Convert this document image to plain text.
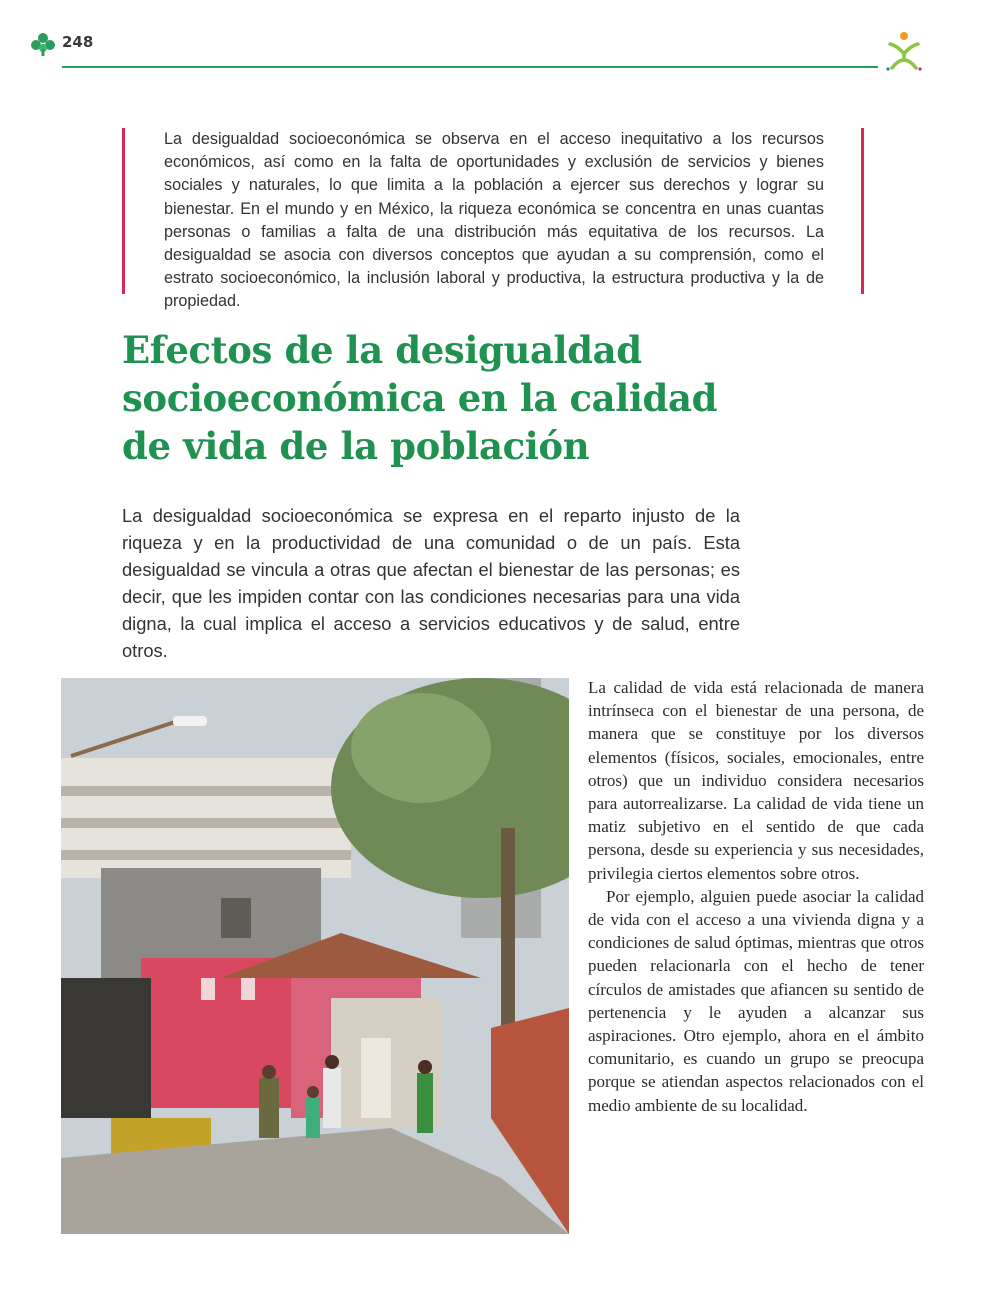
248

La desigualdad socioeconómica se observa en el acceso inequitativo a los recursos económicos, así como en la falta de oportunidades y exclusión de servicios y bienes sociales y naturales, lo que limita a la población a ejercer sus derechos y lograr su bienestar. En el mundo y en México, la riqueza económica se concentra en unas cuantas personas o familias a falta de una distribución más equitativa de los recursos. La desigualdad se asocia con diversos conceptos que ayudan a su comprensión, como el estrato socioeconómico, la inclusión laboral y productiva, la estructura productiva y la de propiedad.

Efectos de la desigualdad
socioeconómica en la calidad
de vida de la población

La desigualdad socioeconómica se expresa en el reparto injusto de la riqueza y en la productividad de una comunidad o de un país. Esta desigualdad se vincula a otras que afectan el bienestar de las personas; es decir, que les impiden contar con las condiciones necesarias para una vida digna, la cual implica el acceso a servicios educativos y de salud, entre otros.

La calidad de vida está relacionada de manera intrínseca con el bienestar de una persona, de manera que se constituye por los diversos elementos (físicos, sociales, emocionales, entre otros) que un individuo considera necesarios para autorrealizarse. La calidad de vida tiene un matiz subjetivo en el sentido de que cada persona, desde su experiencia y sus necesidades, privilegia ciertos elementos sobre otros.

Por ejemplo, alguien puede asociar la calidad de vida con el acceso a una vivienda digna y a condiciones de salud óptimas, mientras que otros pueden relacionarla con el hecho de tener círculos de amistades que afiancen su sentido de pertenencia y le ayuden a alcanzar sus aspiraciones. Otro ejemplo, ahora en el ámbito comunitario, es cuando un grupo se preocupa porque se atiendan aspectos relacionados con el medio ambiente de su localidad.
